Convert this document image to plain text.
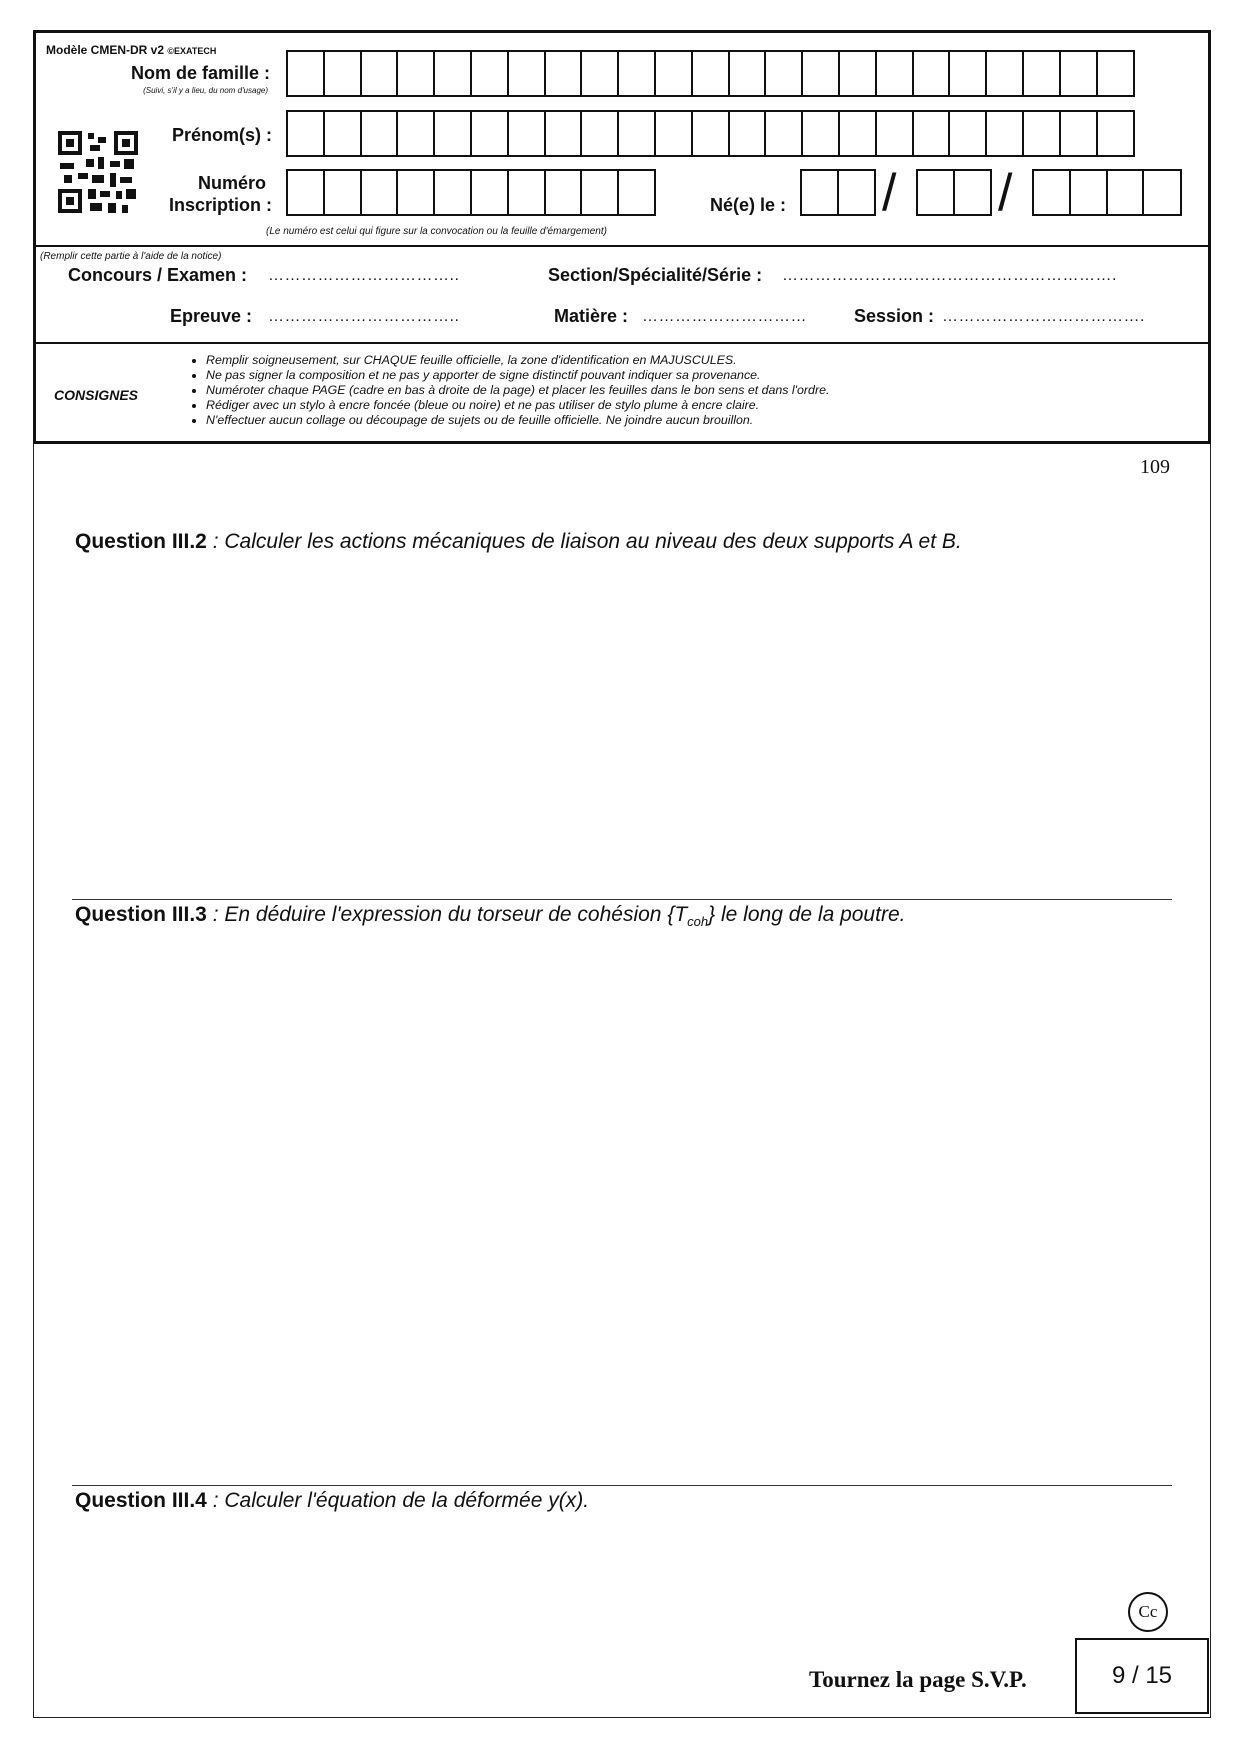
Modèle CMEN-DR v2 ©EXATECH
Nom de famille :
(Suivi, s'il y a lieu, du nom d'usage)
Prénom(s) :
Numéro
Inscription :	Né(e) le : / /
(Le numéro est celui qui figure sur la convocation ou la feuille d'émargement)
(Remplir cette partie à l'aide de la notice)
Concours / Examen : ……………………………..	Section/Spécialité/Série : …………………………………………………….
Epreuve : ……………………………..	Matière : …………………………	Session : ……………………………….
CONSIGNES
• Remplir soigneusement, sur CHAQUE feuille officielle, la zone d'identification en MAJUSCULES.
• Ne pas signer la composition et ne pas y apporter de signe distinctif pouvant indiquer sa provenance.
• Numéroter chaque PAGE (cadre en bas à droite de la page) et placer les feuilles dans le bon sens et dans l'ordre.
• Rédiger avec un stylo à encre foncée (bleue ou noire) et ne pas utiliser de stylo plume à encre claire.
• N'effectuer aucun collage ou découpage de sujets ou de feuille officielle. Ne joindre aucun brouillon.
109
Question III.2 : Calculer les actions mécaniques de liaison au niveau des deux supports A et B.
Question III.3 : En déduire l'expression du torseur de cohésion $\{T_{coh}\}$ le long de la poutre.
Question III.4 : Calculer l'équation de la déformée y(x).
Cc
Tournez la page S.V.P.	9 / 15
